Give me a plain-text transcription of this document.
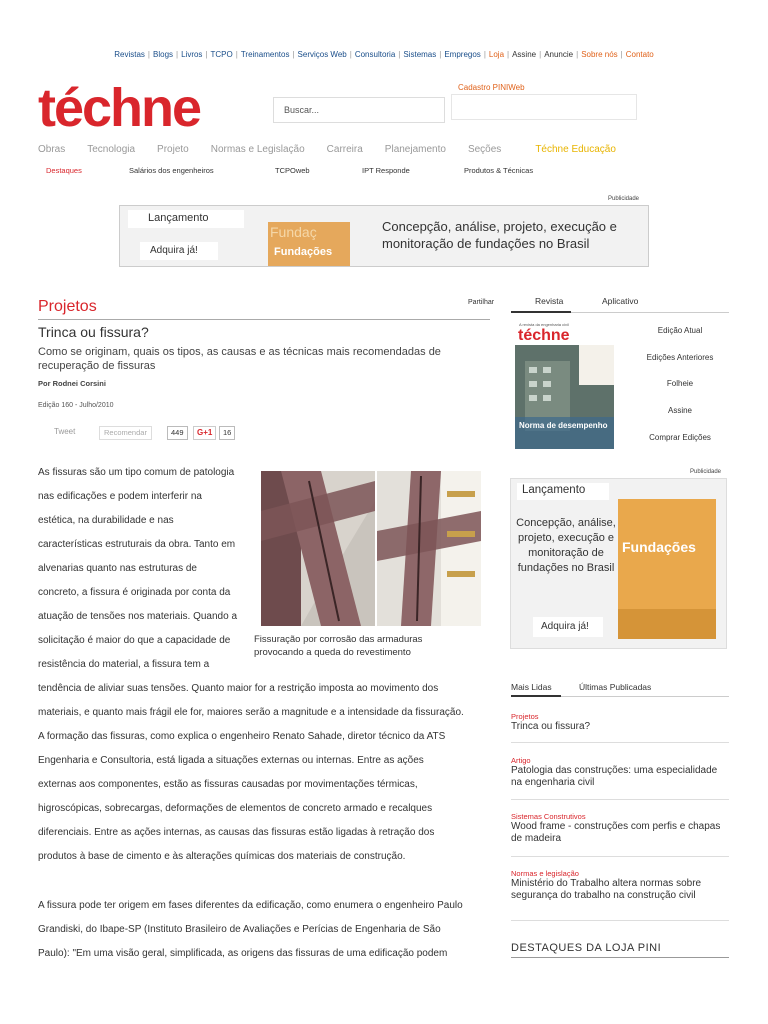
Revistas | Blogs | Livros | TCPO | Treinamentos | Serviços Web | Consultoria | Sistemas | Empregos | Loja | Assine | Anuncie | Sobre nós | Contato
téchne	Buscar...
Cadastro PINIWeb
Obras Tecnologia Projeto Normas e Legislação Carreira Planejamento Seções	Téchne Educação
Destaques	Salários dos engenheiros	TCPOweb	IPT Responde	Produtos & Técnicas
Publicidade
Lançamento
Adquira já!
Fundaç
Fundações
Concepção, análise, projeto, execução e monitoração de fundações no Brasil
Projetos	Partilhar
Trinca ou fissura?
Como se originam, quais os tipos, as causas e as técnicas mais recomendadas de recuperação de fissuras
Por Rodnei Corsini
Edição 160 - Julho/2010
Tweet	Recomendar	449	G+1	16
Fissuração por corrosão das armaduras provocando a queda do revestimento
As fissuras são um tipo comum de patologia
nas edificações e podem interferir na
estética, na durabilidade e nas
características estruturais da obra. Tanto em
alvenarias quanto nas estruturas de
concreto, a fissura é originada por conta da
atuação de tensões nos materiais. Quando a
solicitação é maior do que a capacidade de
resistência do material, a fissura tem a
tendência de aliviar suas tensões. Quanto maior for a restrição imposta ao movimento dos
materiais, e quanto mais frágil ele for, maiores serão a magnitude e a intensidade da fissuração.
A formação das fissuras, como explica o engenheiro Renato Sahade, diretor técnico da ATS
Engenharia e Consultoria, está ligada a situações externas ou internas. Entre as ações
externas aos componentes, estão as fissuras causadas por movimentações térmicas,
higroscópicas, sobrecargas, deformações de elementos de concreto armado e recalques
diferenciais. Entre as ações internas, as causas das fissuras estão ligadas à retração dos
produtos à base de cimento e às alterações químicas dos materiais de construção.
A fissura pode ter origem em fases diferentes da edificação, como enumera o engenheiro Paulo
Grandiski, do Ibape-SP (Instituto Brasileiro de Avaliações e Perícias de Engenharia de São
Paulo): "Em uma visão geral, simplificada, as origens das fissuras de uma edificação podem
Revista	Aplicativo
A revista da engenharia civil
téchne
Norma de desempenho
Edição Atual
Edições Anteriores
Folheie
Assine
Comprar Edições
Publicidade
Lançamento
Concepção, análise, projeto, execução e monitoração de fundações no Brasil
Adquira já!
Fundações
Mais Lidas	Últimas Publicadas
Projetos
Trinca ou fissura?
Artigo
Patologia das construções: uma especialidade na engenharia civil
Sistemas Construtivos
Wood frame - construções com perfis e chapas de madeira
Normas e legislação
Ministério do Trabalho altera normas sobre segurança do trabalho na construção civil
DESTAQUES DA LOJA PINI
